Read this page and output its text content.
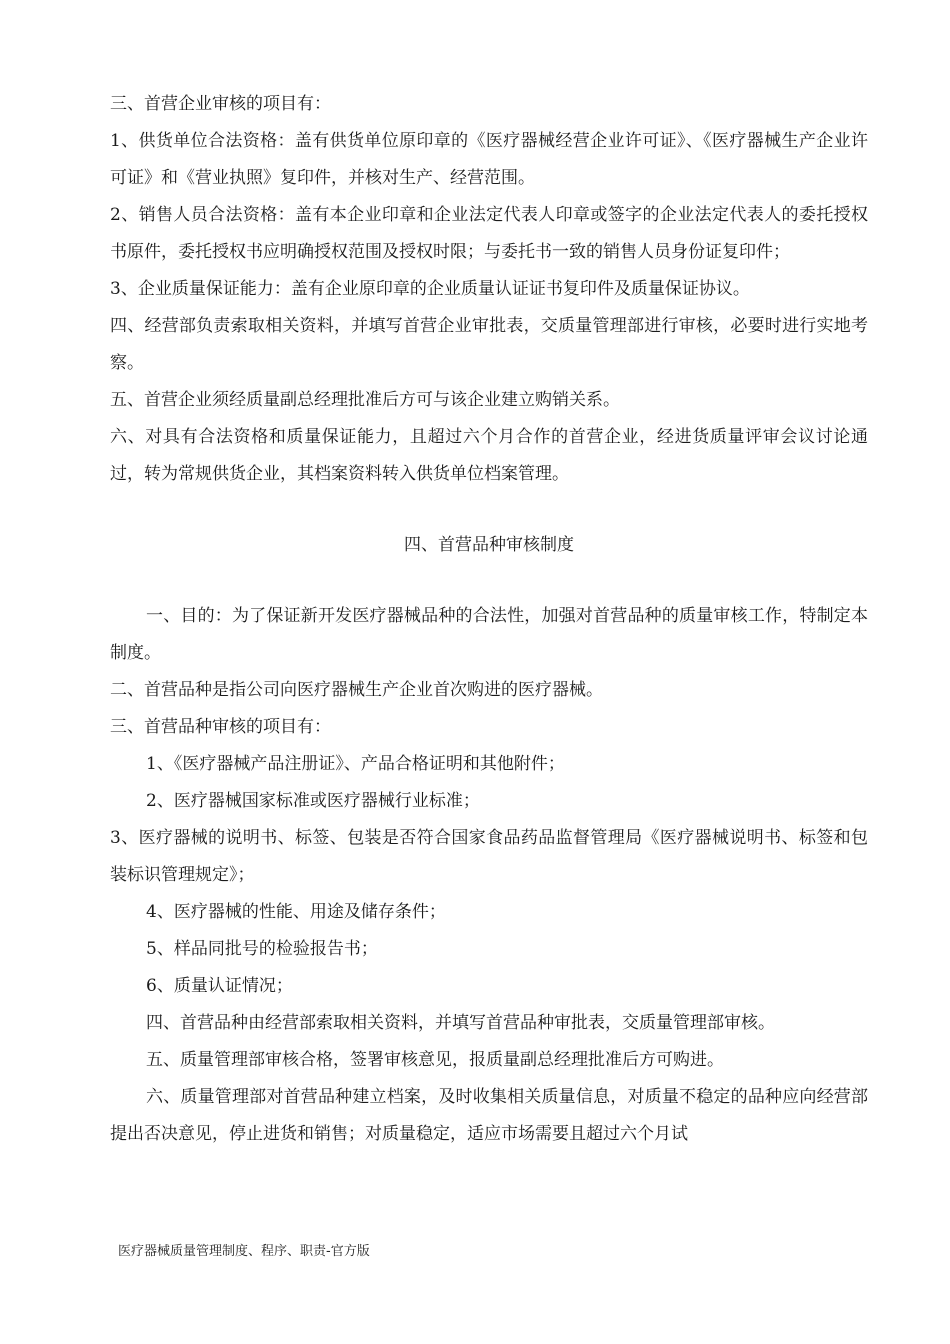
三、首营企业审核的项目有：

1、供货单位合法资格：盖有供货单位原印章的《医疗器械经营企业许可证》、《医疗器械生产企业许可证》和《营业执照》复印件，并核对生产、经营范围。

2、销售人员合法资格：盖有本企业印章和企业法定代表人印章或签字的企业法定代表人的委托授权书原件，委托授权书应明确授权范围及授权时限；与委托书一致的销售人员身份证复印件；

3、企业质量保证能力：盖有企业原印章的企业质量认证证书复印件及质量保证协议。

四、经营部负责索取相关资料，并填写首营企业审批表，交质量管理部进行审核，必要时进行实地考察。

五、首营企业须经质量副总经理批准后方可与该企业建立购销关系。

六、对具有合法资格和质量保证能力，且超过六个月合作的首营企业，经进货质量评审会议讨论通过，转为常规供货企业，其档案资料转入供货单位档案管理。

四、首营品种审核制度

一、目的：为了保证新开发医疗器械品种的合法性，加强对首营品种的质量审核工作，特制定本制度。

二、首营品种是指公司向医疗器械生产企业首次购进的医疗器械。

三、首营品种审核的项目有：

1、《医疗器械产品注册证》、产品合格证明和其他附件；

2、医疗器械国家标准或医疗器械行业标准；

3、医疗器械的说明书、标签、包装是否符合国家食品药品监督管理局《医疗器械说明书、标签和包装标识管理规定》；

4、医疗器械的性能、用途及储存条件；

5、样品同批号的检验报告书；

6、质量认证情况；

四、首营品种由经营部索取相关资料，并填写首营品种审批表，交质量管理部审核。

五、质量管理部审核合格，签署审核意见，报质量副总经理批准后方可购进。

六、质量管理部对首营品种建立档案，及时收集相关质量信息，对质量不稳定的品种应向经营部提出否决意见，停止进货和销售；对质量稳定，适应市场需要且超过六个月试

医疗器械质量管理制度、程序、职责-官方版
